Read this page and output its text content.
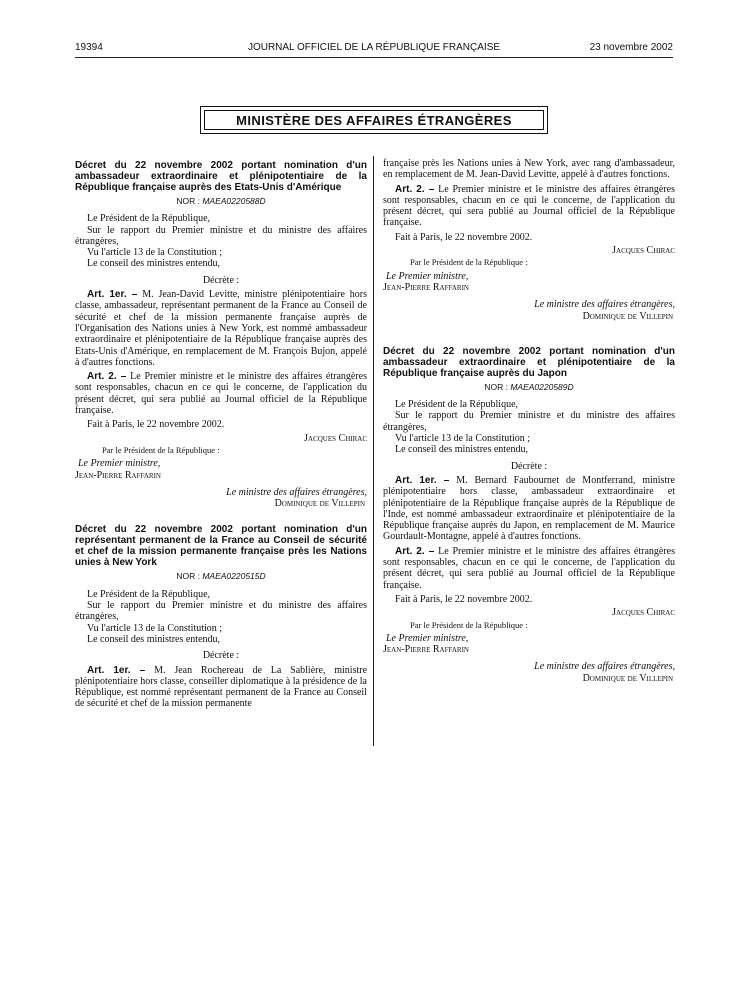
19394	JOURNAL OFFICIEL DE LA RÉPUBLIQUE FRANÇAISE	23 novembre 2002
MINISTÈRE DES AFFAIRES ÉTRANGÈRES

Décret du 22 novembre 2002 portant nomination d'un ambassadeur extraordinaire et plénipotentiaire de la République française auprès des Etats-Unis d'Amérique

NOR : MAEA0220588D

Le Président de la République,

Sur le rapport du Premier ministre et du ministre des affaires étrangères,

Vu l'article 13 de la Constitution ;

Le conseil des ministres entendu,

Décrète :

Art. 1er. – M. Jean-David Levitte, ministre plénipotentiaire hors classe, ambassadeur, représentant permanent de la France au Conseil de sécurité et chef de la mission permanente française auprès de l'Organisation des Nations unies à New York, est nommé ambassadeur extraordinaire et plénipotentiaire de la République française auprès des Etats-Unis d'Amérique, en remplacement de M. François Bujon, appelé à d'autres fonctions.

Art. 2. – Le Premier ministre et le ministre des affaires étrangères sont responsables, chacun en ce qui le concerne, de l'application du présent décret, qui sera publié au Journal officiel de la République française.

Fait à Paris, le 22 novembre 2002.

Jacques Chirac
Par le Président de la République :
Le Premier ministre,
Jean-Pierre Raffarin
Le ministre des affaires étrangères,
Dominique de Villepin

Décret du 22 novembre 2002 portant nomination d'un représentant permanent de la France au Conseil de sécurité et chef de la mission permanente française près les Nations unies à New York

NOR : MAEA0220515D

Le Président de la République,

Sur le rapport du Premier ministre et du ministre des affaires étrangères,

Vu l'article 13 de la Constitution ;

Le conseil des ministres entendu,

Décrète :

Art. 1er. – M. Jean Rochereau de La Sablière, ministre plénipotentiaire hors classe, conseiller diplomatique à la présidence de la République, est nommé représentant permanent de la France au Conseil de sécurité et chef de la mission permanente

française près les Nations unies à New York, avec rang d'ambassadeur, en remplacement de M. Jean-David Levitte, appelé à d'autres fonctions.

Art. 2. – Le Premier ministre et le ministre des affaires étrangères sont responsables, chacun en ce qui le concerne, de l'application du présent décret, qui sera publié au Journal officiel de la République française.

Fait à Paris, le 22 novembre 2002.

Jacques Chirac
Par le Président de la République :
Le Premier ministre,
Jean-Pierre Raffarin
Le ministre des affaires étrangères,
Dominique de Villepin

Décret du 22 novembre 2002 portant nomination d'un ambassadeur extraordinaire et plénipotentiaire de la République française auprès du Japon

NOR : MAEA0220589D

Le Président de la République,

Sur le rapport du Premier ministre et du ministre des affaires étrangères,

Vu l'article 13 de la Constitution ;

Le conseil des ministres entendu,

Décrète :

Art. 1er. – M. Bernard Faubournet de Montferrand, ministre plénipotentiaire hors classe, ambassadeur extraordinaire et plénipotentiaire de la République française auprès de la République de l'Inde, est nommé ambassadeur extraordinaire et plénipotentiaire de la République française auprès du Japon, en remplacement de M. Maurice Gourdault-Montagne, appelé à d'autres fonctions.

Art. 2. – Le Premier ministre et le ministre des affaires étrangères sont responsables, chacun en ce qui le concerne, de l'application du présent décret, qui sera publié au Journal officiel de la République française.

Fait à Paris, le 22 novembre 2002.

Jacques Chirac
Par le Président de la République :
Le Premier ministre,
Jean-Pierre Raffarin
Le ministre des affaires étrangères,
Dominique de Villepin
